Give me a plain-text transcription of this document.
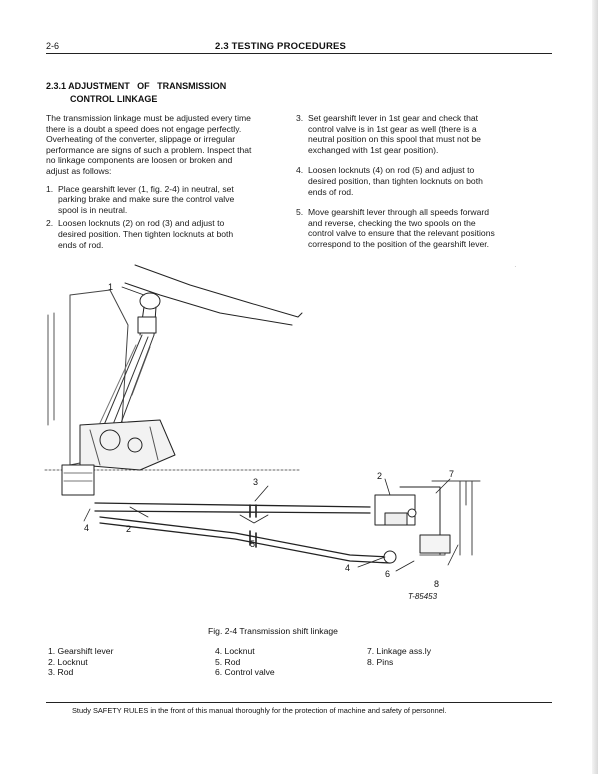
2-6	2.3 TESTING PROCEDURES
2.3.1 ADJUSTMENT   OF   TRANSMISSION
CONTROL LINKAGE

The transmission linkage must be adjusted every time there is a doubt a speed does not engage perfectly. Overheating of the converter, slippage or irregular performance are signs of such a problem. Inspect that no linkage components are loosen or broken and adjust as follows:

1. Place gearshift lever (1, fig. 2-4) in neutral, set parking brake and make sure the control valve spool is in neutral.
2. Loosen locknuts (2) on rod (3) and adjust to desired position. Then tighten locknuts at both ends of rod.
3. Set gearshift lever in 1st gear and check that control valve is in 1st gear as well (there is a neutral position on this spool that must not be exchanged with 1st gear position).
4. Loosen locknuts (4) on rod (5) and adjust to desired position, than tighten locknuts on both ends of rod.
5. Move gearshift lever through all speeds forward and reverse, checking the two spools on the control valve to ensure that the relevant positions correspond to the position of the gearshift lever.
·
1
2
3
4
5
2	7
4
6
8
T-85453
Fig. 2-4 Transmission shift linkage
1. Gearshift lever
2. Locknut
3. Rod
4. Locknut
5. Rod
6. Control valve
7. Linkage ass.ly
8. Pins
Study SAFETY RULES in the front of this manual thoroughly for the protection of machine and safety of personnel.
